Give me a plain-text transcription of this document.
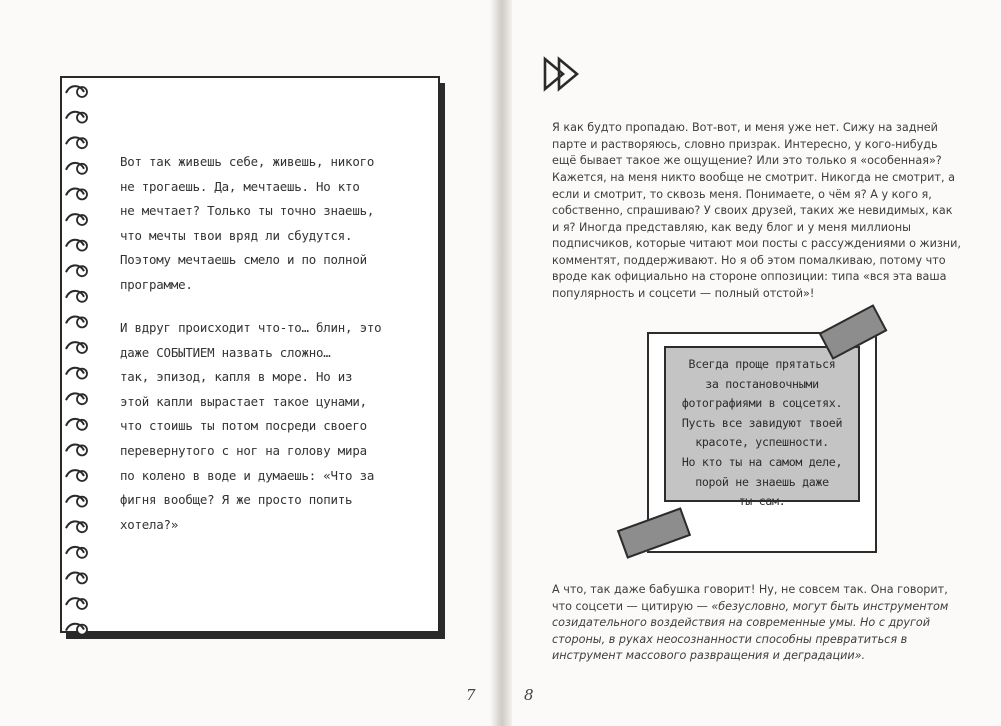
Вот так живешь себе, живешь, никого
не трогаешь. Да, мечтаешь. Но кто
не мечтает? Только ты точно знаешь,
что мечты твои вряд ли сбудутся.
Поэтому мечтаешь смело и по полной
программе.
И вдруг происходит что-то… блин, это
даже СОБЫТИЕМ назвать сложно…
так, эпизод, капля в море. Но из
этой капли вырастает такое цунами,
что стоишь ты потом посреди своего
перевернутого с ног на голову мира
по колено в воде и думаешь: «Что за
фигня вообще? Я же просто попить
хотела?»
7

Я как будто пропадаю. Вот-вот, и меня уже нет. Сижу на задней парте и растворяюсь, словно призрак. Интересно, у кого-нибудь ещё бывает такое же ощущение? Или это только я «особенная»?

Кажется, на меня никто вообще не смотрит. Никогда не смотрит, а если и смотрит, то сквозь меня. Понимаете, о чём я? А у кого я, собственно, спрашиваю? У своих друзей, таких же невидимых, как и я? Иногда представляю, как веду блог и у меня миллионы подписчиков, которые читают мои посты с рассуждениями о жизни, комментят, поддерживают. Но я об этом помалкиваю, потому что вроде как официально на стороне оппозиции: типа «вся эта ваша популярность и соцсети — полный отстой»!

Всегда проще прятаться
за постановочными
фотографиями в соцсетях.
Пусть все завидуют твоей
красоте, успешности.
Но кто ты на самом деле,
порой не знаешь даже
ты сам.

А что, так даже бабушка говорит! Ну, не совсем так. Она говорит, что соцсети — цитирую — «безусловно, могут быть инструментом созидательного воздействия на современные умы. Но с другой стороны, в руках неосознанности способны превратиться в инструмент массового разврaщения и деградации».

8
